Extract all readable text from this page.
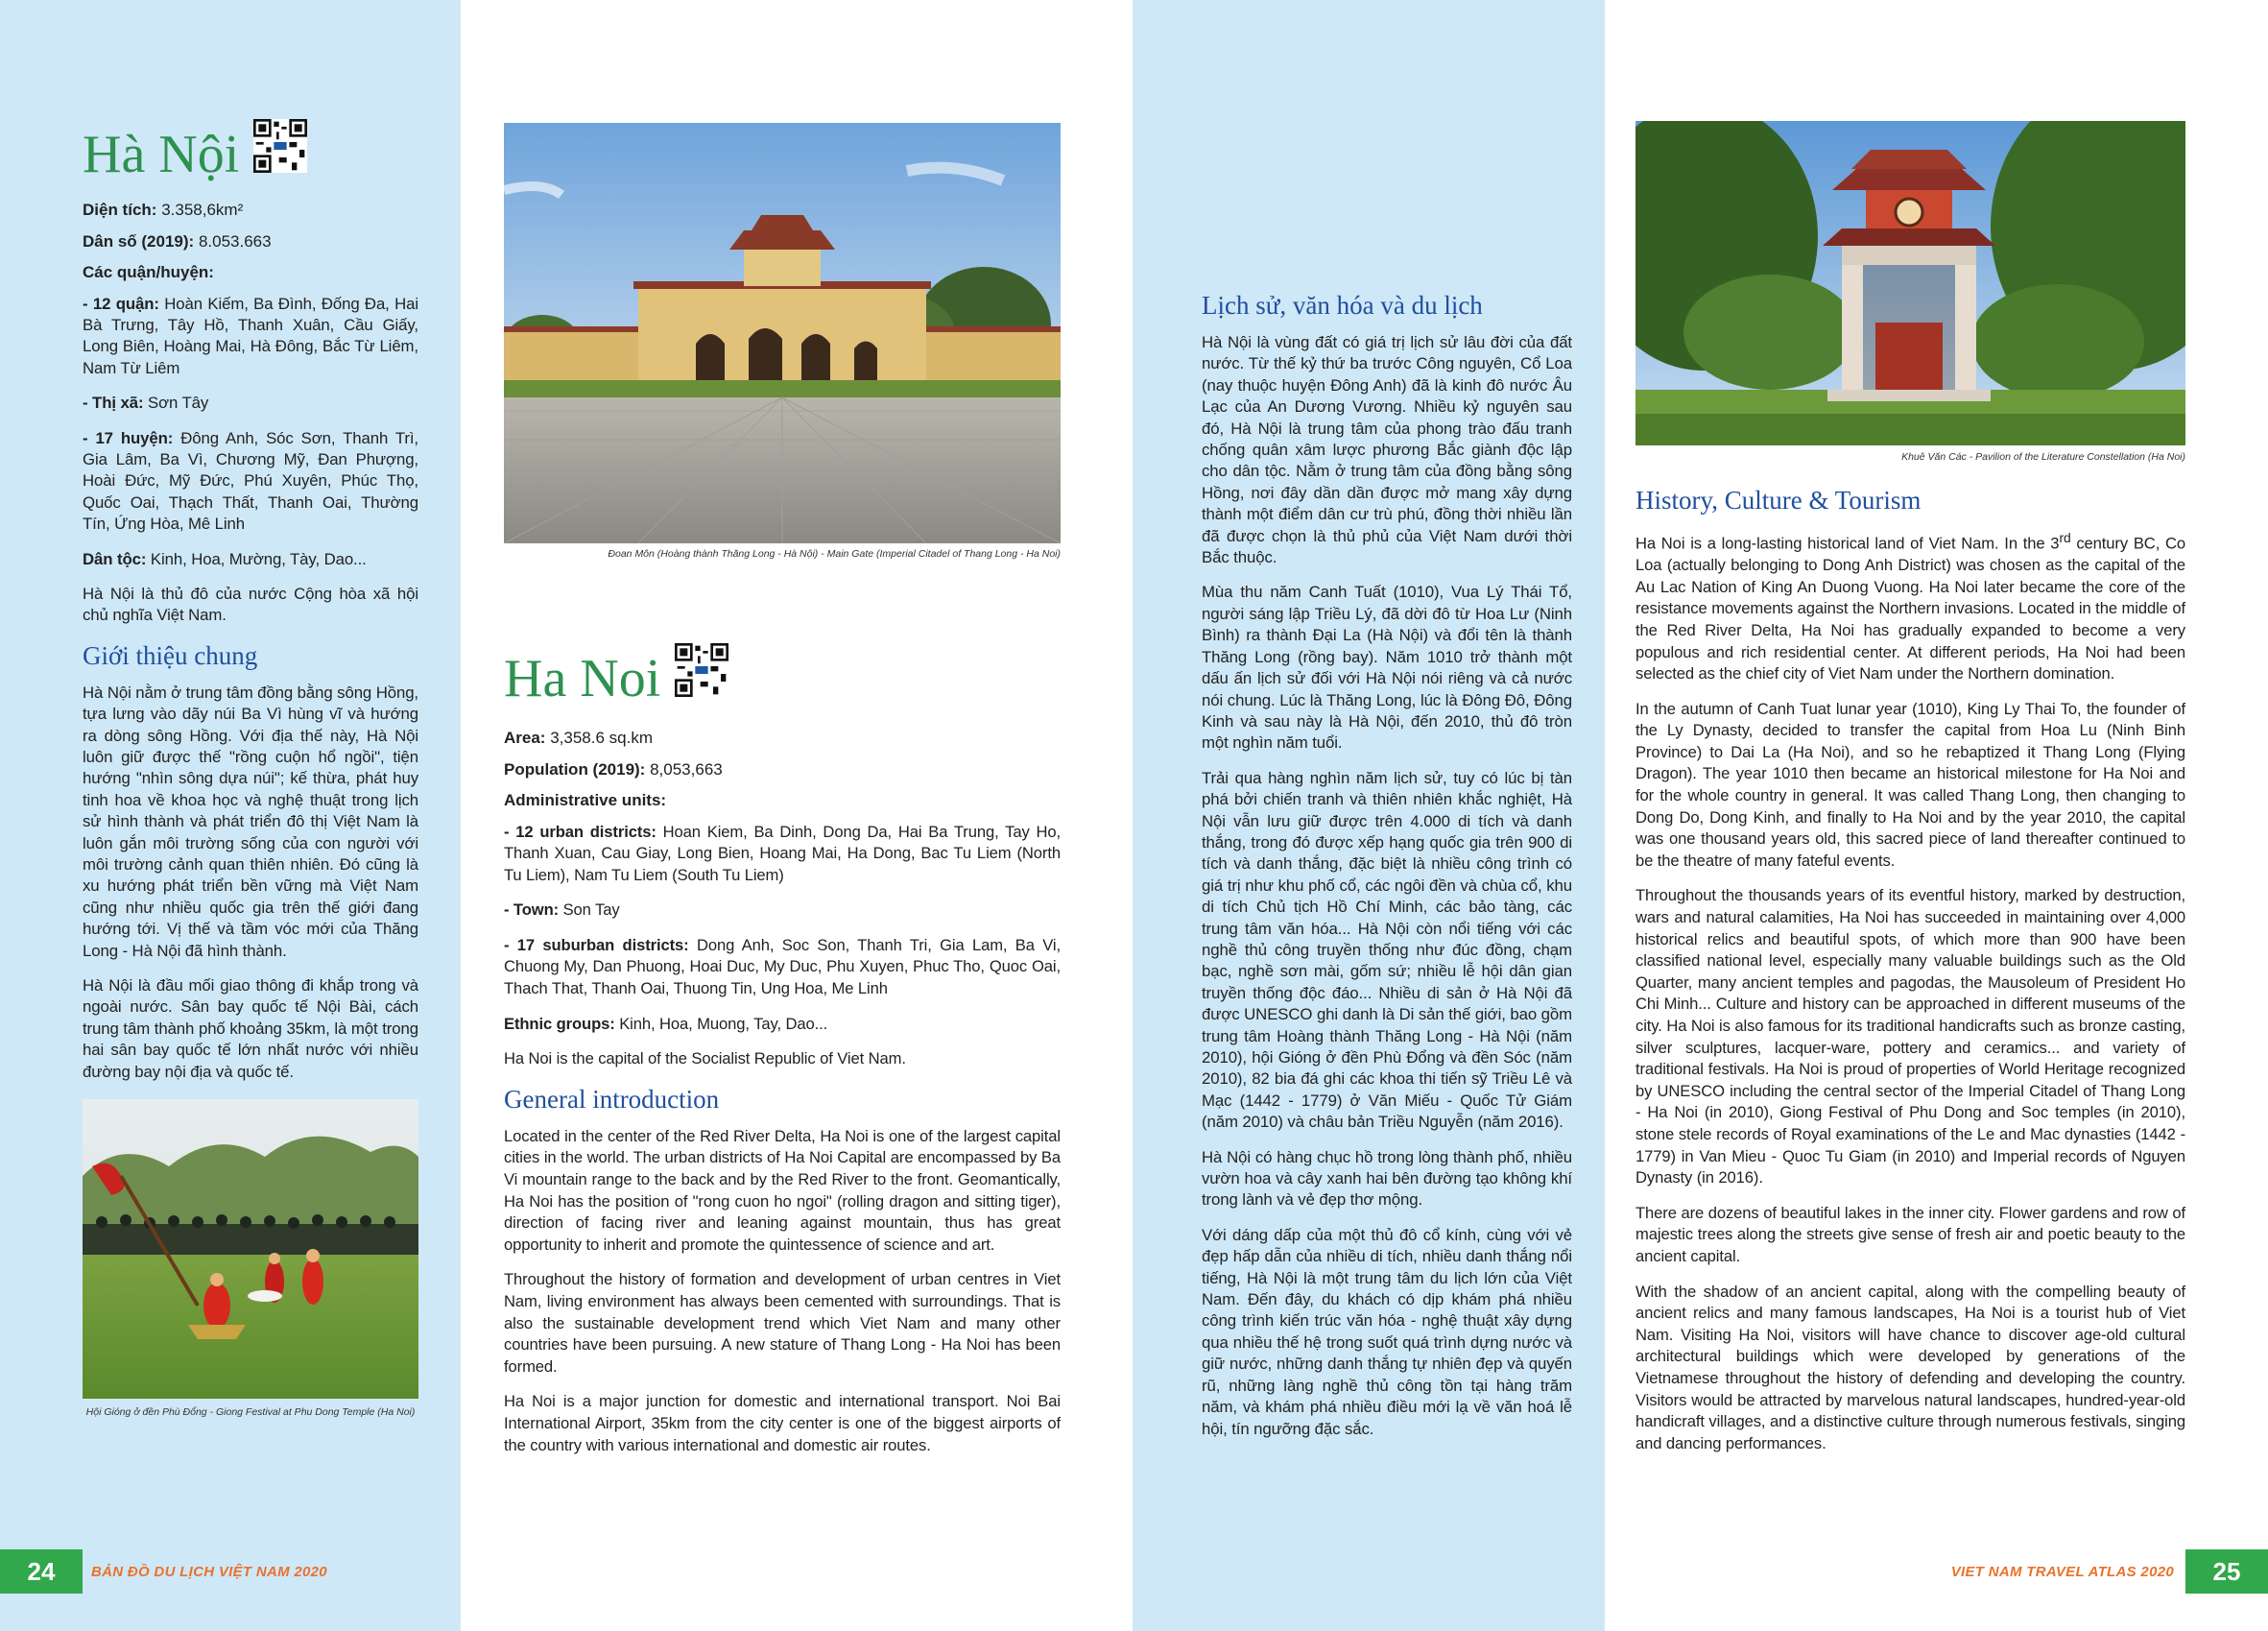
Hà Nội

Diện tích: 3.358,6km²

Dân số (2019): 8.053.663

Các quận/huyện:

- 12 quận: Hoàn Kiếm, Ba Đình, Đống Đa, Hai Bà Trưng, Tây Hồ, Thanh Xuân, Cầu Giấy, Long Biên, Hoàng Mai, Hà Đông, Bắc Từ Liêm, Nam Từ Liêm

- Thị xã: Sơn Tây

- 17 huyện: Đông Anh, Sóc Sơn, Thanh Trì, Gia Lâm, Ba Vì, Chương Mỹ, Đan Phượng, Hoài Đức, Mỹ Đức, Phú Xuyên, Phúc Thọ, Quốc Oai, Thạch Thất, Thanh Oai, Thường Tín, Ứng Hòa, Mê Linh

Dân tộc: Kinh, Hoa, Mường, Tày, Dao...

Hà Nội là thủ đô của nước Cộng hòa xã hội chủ nghĩa Việt Nam.

Giới thiệu chung

Hà Nội nằm ở trung tâm đồng bằng sông Hồng, tựa lưng vào dãy núi Ba Vì hùng vĩ và hướng ra dòng sông Hồng. Với địa thế này, Hà Nội luôn giữ được thế "rồng cuộn hổ ngồi", tiện hướng "nhìn sông dựa núi"; kế thừa, phát huy tinh hoa về khoa học và nghệ thuật trong lịch sử hình thành và phát triển đô thị Việt Nam là luôn gắn môi trường sống của con người với môi trường cảnh quan thiên nhiên. Đó cũng là xu hướng phát triển bền vững mà Việt Nam cũng như nhiều quốc gia trên thế giới đang hướng tới. Vị thế và tầm vóc mới của Thăng Long - Hà Nội đã hình thành.

Hà Nội là đầu mối giao thông đi khắp trong và ngoài nước. Sân bay quốc tế Nội Bài, cách trung tâm thành phố khoảng 35km, là một trong hai sân bay quốc tế lớn nhất nước với nhiều đường bay nội địa và quốc tế.

Hội Gióng ở đền Phù Đổng - Giong Festival at Phu Dong Temple (Ha Noi)
Đoan Môn (Hoàng thành Thăng Long - Hà Nội) - Main Gate (Imperial Citadel of Thang Long - Ha Noi)
Ha Noi

Area: 3,358.6 sq.km

Population (2019): 8,053,663

Administrative units:

- 12 urban districts: Hoan Kiem, Ba Dinh, Dong Da, Hai Ba Trung, Tay Ho, Thanh Xuan, Cau Giay, Long Bien, Hoang Mai, Ha Dong, Bac Tu Liem (North Tu Liem), Nam Tu Liem (South Tu Liem)

- Town: Son Tay

- 17 suburban districts: Dong Anh, Soc Son, Thanh Tri, Gia Lam, Ba Vi, Chuong My, Dan Phuong, Hoai Duc, My Duc, Phu Xuyen, Phuc Tho, Quoc Oai, Thach That, Thanh Oai, Thuong Tin, Ung Hoa, Me Linh

Ethnic groups: Kinh, Hoa, Muong, Tay, Dao...

Ha Noi is the capital of the Socialist Republic of Viet Nam.

General introduction

Located in the center of the Red River Delta, Ha Noi is one of the largest capital cities in the world. The urban districts of Ha Noi Capital are encompassed by Ba Vi mountain range to the back and by the Red River to the front. Geomantically, Ha Noi has the position of "rong cuon ho ngoi" (rolling dragon and sitting tiger), direction of facing river and leaning against mountain, thus has great opportunity to inherit and promote the quintessence of science and art.

Throughout the history of formation and development of urban centres in Viet Nam, living environment has always been cemented with surroundings. That is also the sustainable development trend which Viet Nam and many other countries have been pursuing. A new stature of Thang Long - Ha Noi has been formed.

Ha Noi is a major junction for domestic and international transport. Noi Bai International Airport, 35km from the city center is one of the biggest airports of the country with various international and domestic air routes.

Lịch sử, văn hóa và du lịch

Hà Nội là vùng đất có giá trị lịch sử lâu đời của đất nước. Từ thế kỷ thứ ba trước Công nguyên, Cổ Loa (nay thuộc huyện Đông Anh) đã là kinh đô nước Âu Lạc của An Dương Vương. Nhiều kỷ nguyên sau đó, Hà Nội là trung tâm của phong trào đấu tranh chống quân xâm lược phương Bắc giành độc lập cho dân tộc. Nằm ở trung tâm của đồng bằng sông Hồng, nơi đây dần dần được mở mang xây dựng thành một điểm dân cư trù phú, đồng thời nhiều lần đã được chọn là thủ phủ của Việt Nam dưới thời Bắc thuộc.

Mùa thu năm Canh Tuất (1010), Vua Lý Thái Tổ, người sáng lập Triều Lý, đã dời đô từ Hoa Lư (Ninh Bình) ra thành Đại La (Hà Nội) và đổi tên là thành Thăng Long (rồng bay). Năm 1010 trở thành một dấu ấn lịch sử đối với Hà Nội nói riêng và cả nước nói chung. Lúc là Thăng Long, lúc là Đông Đô, Đông Kinh và sau này là Hà Nội, đến 2010, thủ đô tròn một nghìn năm tuổi.

Trải qua hàng nghìn năm lịch sử, tuy có lúc bị tàn phá bởi chiến tranh và thiên nhiên khắc nghiệt, Hà Nội vẫn lưu giữ được trên 4.000 di tích và danh thắng, trong đó được xếp hạng quốc gia trên 900 di tích và danh thắng, đặc biệt là nhiều công trình có giá trị như khu phố cổ, các ngôi đền và chùa cổ, khu di tích Chủ tịch Hồ Chí Minh, các bảo tàng, các trung tâm văn hóa... Hà Nội còn nổi tiếng với các nghề thủ công truyền thống như đúc đồng, chạm bạc, nghề sơn mài, gốm sứ; nhiều lễ hội dân gian truyền thống độc đáo... Nhiều di sản ở Hà Nội đã được UNESCO ghi danh là Di sản thế giới, bao gồm trung tâm Hoàng thành Thăng Long - Hà Nội (năm 2010), hội Gióng ở đền Phù Đổng và đền Sóc (năm 2010), 82 bia đá ghi các khoa thi tiến sỹ Triều Lê và Mạc (1442 - 1779) ở Văn Miếu - Quốc Tử Giám (năm 2010) và châu bản Triều Nguyễn (năm 2016).

Hà Nội có hàng chục hồ trong lòng thành phố, nhiều vườn hoa và cây xanh hai bên đường tạo không khí trong lành và vẻ đẹp thơ mộng.

Với dáng dấp của một thủ đô cổ kính, cùng với vẻ đẹp hấp dẫn của nhiều di tích, nhiều danh thắng nổi tiếng, Hà Nội là một trung tâm du lịch lớn của Việt Nam. Đến đây, du khách có dịp khám phá nhiều công trình kiến trúc văn hóa - nghệ thuật xây dựng qua nhiều thế hệ trong suốt quá trình dựng nước và giữ nước, những danh thắng tự nhiên đẹp và quyến rũ, những làng nghề thủ công tồn tại hàng trăm năm, và khám phá nhiều điều mới lạ về văn hoá lễ hội, tín ngưỡng đặc sắc.

Khuê Văn Các - Pavilion of the Literature Constellation (Ha Noi)
History, Culture & Tourism

Ha Noi is a long-lasting historical land of Viet Nam. In the 3rd century BC, Co Loa (actually belonging to Dong Anh District) was chosen as the capital of the Au Lac Nation of King An Duong Vuong. Ha Noi later became the core of the resistance movements against the Northern invasions. Located in the middle of the Red River Delta, Ha Noi has gradually expanded to become a very populous and rich residential center. At different periods, Ha Noi had been selected as the chief city of Viet Nam under the Northern domination.

In the autumn of Canh Tuat lunar year (1010), King Ly Thai To, the founder of the Ly Dynasty, decided to transfer the capital from Hoa Lu (Ninh Binh Province) to Dai La (Ha Noi), and so he rebaptized it Thang Long (Flying Dragon). The year 1010 then became an historical milestone for Ha Noi and for the whole country in general. It was called Thang Long, then changing to Dong Do, Dong Kinh, and finally to Ha Noi and by the year 2010, the capital was one thousand years old, this sacred piece of land thereafter continued to be the theatre of many fateful events.

Throughout the thousands years of its eventful history, marked by destruction, wars and natural calamities, Ha Noi has succeeded in maintaining over 4,000 historical relics and beautiful spots, of which more than 900 have been classified national level, especially many valuable buildings such as the Old Quarter, many ancient temples and pagodas, the Mausoleum of President Ho Chi Minh... Culture and history can be approached in different museums of the city. Ha Noi is also famous for its traditional handicrafts such as bronze casting, silver sculptures, lacquer-ware, pottery and ceramics... and variety of traditional festivals. Ha Noi is proud of properties of World Heritage recognized by UNESCO including the central sector of the Imperial Citadel of Thang Long - Ha Noi (in 2010), Giong Festival of Phu Dong and Soc temples (in 2010), stone stele records of Royal examinations of the Le and Mac dynasties (1442 - 1779) in Van Mieu - Quoc Tu Giam (in 2010) and Imperial records of Nguyen Dynasty (in 2016).

There are dozens of beautiful lakes in the inner city. Flower gardens and row of majestic trees along the streets give sense of fresh air and poetic beauty to the ancient capital.

With the shadow of an ancient capital, along with the compelling beauty of ancient relics and many famous landscapes, Ha Noi is a tourist hub of Viet Nam. Visiting Ha Noi, visitors will have chance to discover age-old cultural architectural buildings which were developed by generations of the Vietnamese throughout the history of defending and developing the country. Visitors would be attracted by marvelous natural landscapes, hundred-year-old handicraft villages, and a distinctive culture through numerous festivals, singing and dancing performances.

24	BẢN ĐỒ DU LỊCH VIỆT NAM 2020	VIET NAM TRAVEL ATLAS 2020	25
